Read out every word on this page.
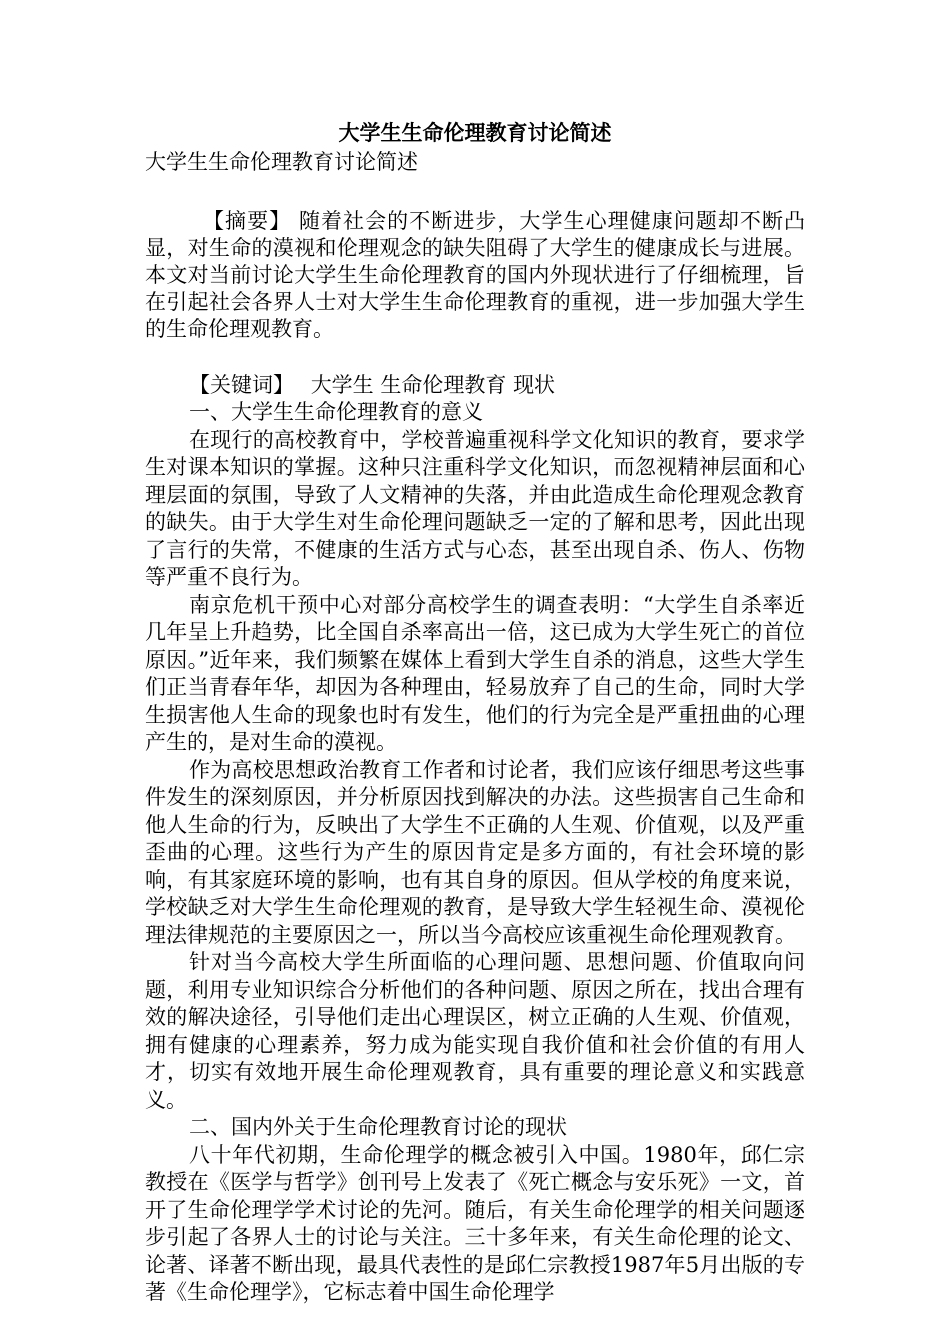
大学生生命伦理教育讨论简述
大学生生命伦理教育讨论简述
【摘要】 随着社会的不断进步，大学生心理健康问题却不断凸显，对生命的漠视和伦理观念的缺失阻碍了大学生的健康成长与进展。本文对当前讨论大学生生命伦理教育的国内外现状进行了仔细梳理，旨在引起社会各界人士对大学生生命伦理教育的重视，进一步加强大学生的生命伦理观教育。
【关键词】 大学生 生命伦理教育 现状
一、大学生生命伦理教育的意义

在现行的高校教育中，学校普遍重视科学文化知识的教育，要求学生对课本知识的掌握。这种只注重科学文化知识，而忽视精神层面和心理层面的氛围，导致了人文精神的失落，并由此造成生命伦理观念教育的缺失。由于大学生对生命伦理问题缺乏一定的了解和思考，因此出现了言行的失常，不健康的生活方式与心态，甚至出现自杀、伤人、伤物等严重不良行为。

南京危机干预中心对部分高校学生的调查表明：“大学生自杀率近几年呈上升趋势，比全国自杀率高出一倍，这已成为大学生死亡的首位原因。”近年来，我们频繁在媒体上看到大学生自杀的消息，这些大学生们正当青春年华，却因为各种理由，轻易放弃了自己的生命，同时大学生损害他人生命的现象也时有发生，他们的行为完全是严重扭曲的心理产生的，是对生命的漠视。

作为高校思想政治教育工作者和讨论者，我们应该仔细思考这些事件发生的深刻原因，并分析原因找到解决的办法。这些损害自己生命和他人生命的行为，反映出了大学生不正确的人生观、价值观，以及严重歪曲的心理。这些行为产生的原因肯定是多方面的，有社会环境的影响，有其家庭环境的影响，也有其自身的原因。但从学校的角度来说，学校缺乏对大学生生命伦理观的教育，是导致大学生轻视生命、漠视伦理法律规范的主要原因之一，所以当今高校应该重视生命伦理观教育。

针对当今高校大学生所面临的心理问题、思想问题、价值取向问题，利用专业知识综合分析他们的各种问题、原因之所在，找出合理有效的解决途径，引导他们走出心理误区，树立正确的人生观、价值观，拥有健康的心理素养，努力成为能实现自我价值和社会价值的有用人才，切实有效地开展生命伦理观教育，具有重要的理论意义和实践意义。

二、国内外关于生命伦理教育讨论的现状

八十年代初期，生命伦理学的概念被引入中国。1980年，邱仁宗教授在《医学与哲学》创刊号上发表了《死亡概念与安乐死》一文，首开了生命伦理学学术讨论的先河。随后，有关生命伦理学的相关问题逐步引起了各界人士的讨论与关注。三十多年来，有关生命伦理的论文、论著、译著不断出现，最具代表性的是邱仁宗教授1987年5月出版的专著《生命伦理学》，它标志着中国生命伦理学
